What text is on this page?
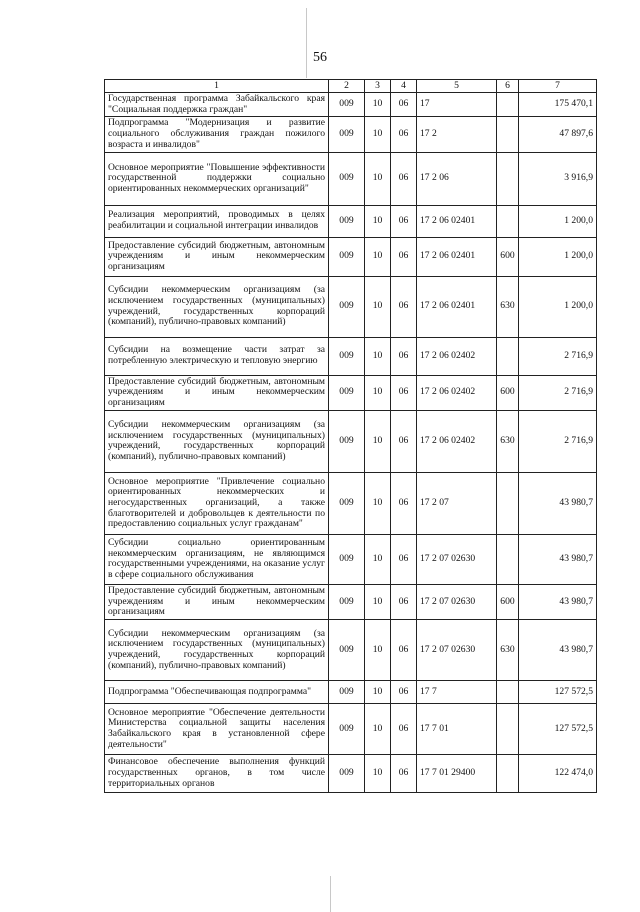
56
1	2	3	4	5	6	7
Государственная программа Забайкальского края "Социальная поддержка граждан"	009	10	06	17		175 470,1
Подпрограмма "Модернизация и развитие социального обслуживания граждан пожилого возраста и инвалидов"	009	10	06	17 2		47 897,6
Основное мероприятие "Повышение эффективности государственной поддержки социально ориентированных некоммерческих организаций"	009	10	06	17 2 06		3 916,9
Реализация мероприятий, проводимых в целях реабилитации и социальной интеграции инвалидов	009	10	06	17 2 06 02401		1 200,0
Предоставление субсидий бюджетным, автономным учреждениям и иным некоммерческим организациям	009	10	06	17 2 06 02401	600	1 200,0
Субсидии некоммерческим организациям (за исключением государственных (муниципальных) учреждений, государственных корпораций (компаний), публично-правовых компаний)	009	10	06	17 2 06 02401	630	1 200,0
Субсидии на возмещение части затрат за потребленную электрическую и тепловую энергию	009	10	06	17 2 06 02402		2 716,9
Предоставление субсидий бюджетным, автономным учреждениям и иным некоммерческим организациям	009	10	06	17 2 06 02402	600	2 716,9
Субсидии некоммерческим организациям (за исключением государственных (муниципальных) учреждений, государственных корпораций (компаний), публично-правовых компаний)	009	10	06	17 2 06 02402	630	2 716,9
Основное мероприятие "Привлечение социально ориентированных некоммерческих и негосударственных организаций, а также благотворителей и добровольцев к деятельности по предоставлению социальных услуг гражданам"	009	10	06	17 2 07		43 980,7
Субсидии социально ориентированным некоммерческим организациям, не являющимся государственными учреждениями, на оказание услуг в сфере социального обслуживания	009	10	06	17 2 07 02630		43 980,7
Предоставление субсидий бюджетным, автономным учреждениям и иным некоммерческим организациям	009	10	06	17 2 07 02630	600	43 980,7
Субсидии некоммерческим организациям (за исключением государственных (муниципальных) учреждений, государственных корпораций (компаний), публично-правовых компаний)	009	10	06	17 2 07 02630	630	43 980,7
Подпрограмма "Обеспечивающая подпрограмма"	009	10	06	17 7		127 572,5
Основное мероприятие "Обеспечение деятельности Министерства социальной защиты населения Забайкальского края в установленной сфере деятельности"	009	10	06	17 7 01		127 572,5
Финансовое обеспечение выполнения функций государственных органов, в том числе территориальных органов	009	10	06	17 7 01 29400		122 474,0
